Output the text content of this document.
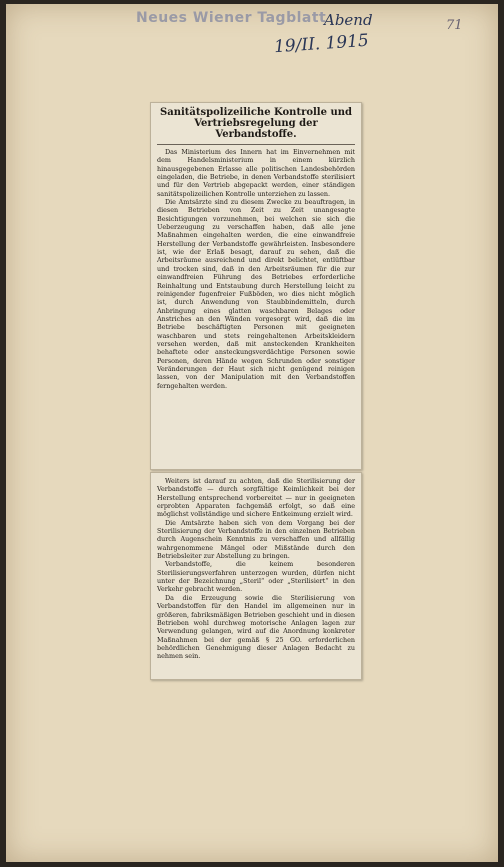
Neues Wiener Tagblatt
Abend
19/II. 1915
71
Sanitätspolizeiliche Kontrolle und Vertriebsregelung der Verbandstoffe.

Das Ministerium des Innern hat im Einvernehmen mit dem Handelsministerium in einem kürzlich hinausgegebenen Erlasse alle politischen Landesbehörden eingeladen, die Betriebe, in denen Verbandstoffe sterilisiert und für den Vertrieb abgepackt werden, einer ständigen sanitätspolizeilichen Kontrolle unterziehen zu lassen.

Die Amtsärzte sind zu diesem Zwecke zu beauftragen, in diesen Betrieben von Zeit zu Zeit unangesagte Besichtigungen vorzunehmen, bei welchen sie sich die Ueberzeugung zu verschaffen haben, daß alle jene Maßnahmen eingehalten werden, die eine einwandfreie Herstellung der Verbandstoffe gewährleisten. Insbesondere ist, wie der Erlaß besagt, darauf zu sehen, daß die Arbeitsräume ausreichend und direkt belichtet, entlüftbar und trocken sind, daß in den Arbeitsräumen für die zur einwandfreien Führung des Betriebes erforderliche Reinhaltung und Entstaubung durch Herstellung leicht zu reinigender fugenfreier Fußböden, wo dies nicht möglich ist, durch Anwendung von Staubbindemitteln, durch Anbringung eines glatten waschbaren Belages oder Anstriches an den Wänden vorgesorgt wird, daß die im Betriebe beschäftigten Personen mit geeigneten waschbaren und stets reingehaltenen Arbeitskleidern versehen werden, daß mit ansteckenden Krankheiten behaftete oder ansteckungsverdächtige Personen sowie Personen, deren Hände wegen Schrunden oder sonstiger Veränderungen der Haut sich nicht genügend reinigen lassen, von der Manipulation mit den Verbandstoffen ferngehalten werden.

Weiters ist darauf zu achten, daß die Sterilisierung der Verbandstoffe — durch sorgfältige Keimlichkeit bei der Herstellung entsprechend vorbereitet — nur in geeigneten erprobten Apparaten fachgemäß erfolgt, so daß eine möglichst vollständige und sichere Entkeimung erzielt wird.

Die Amtsärzte haben sich von dem Vorgang bei der Sterilisierung der Verbandstoffe in den einzelnen Betrieben durch Augenschein Kenntnis zu verschaffen und allfällig wahrgenommene Mängel oder Mißstände durch den Betriebsleiter zur Abstellung zu bringen.

Verbandstoffe, die keinem besonderen Sterilisierungsverfahren unterzogen wurden, dürfen nicht unter der Bezeichnung „Steril“ oder „Sterilisiert“ in den Verkehr gebracht werden.

Da die Erzeugung sowie die Sterilisierung von Verbandstoffen für den Handel im allgemeinen nur in größeren, fabriksmäßigen Betrieben geschieht und in diesen Betrieben wohl durchweg motorische Anlagen lagen zur Verwendung gelangen, wird auf die Anordnung konkreter Maßnahmen bei der gemäß § 25 GO. erforderlichen behördlichen Genehmigung dieser Anlagen Bedacht zu nehmen sein.
